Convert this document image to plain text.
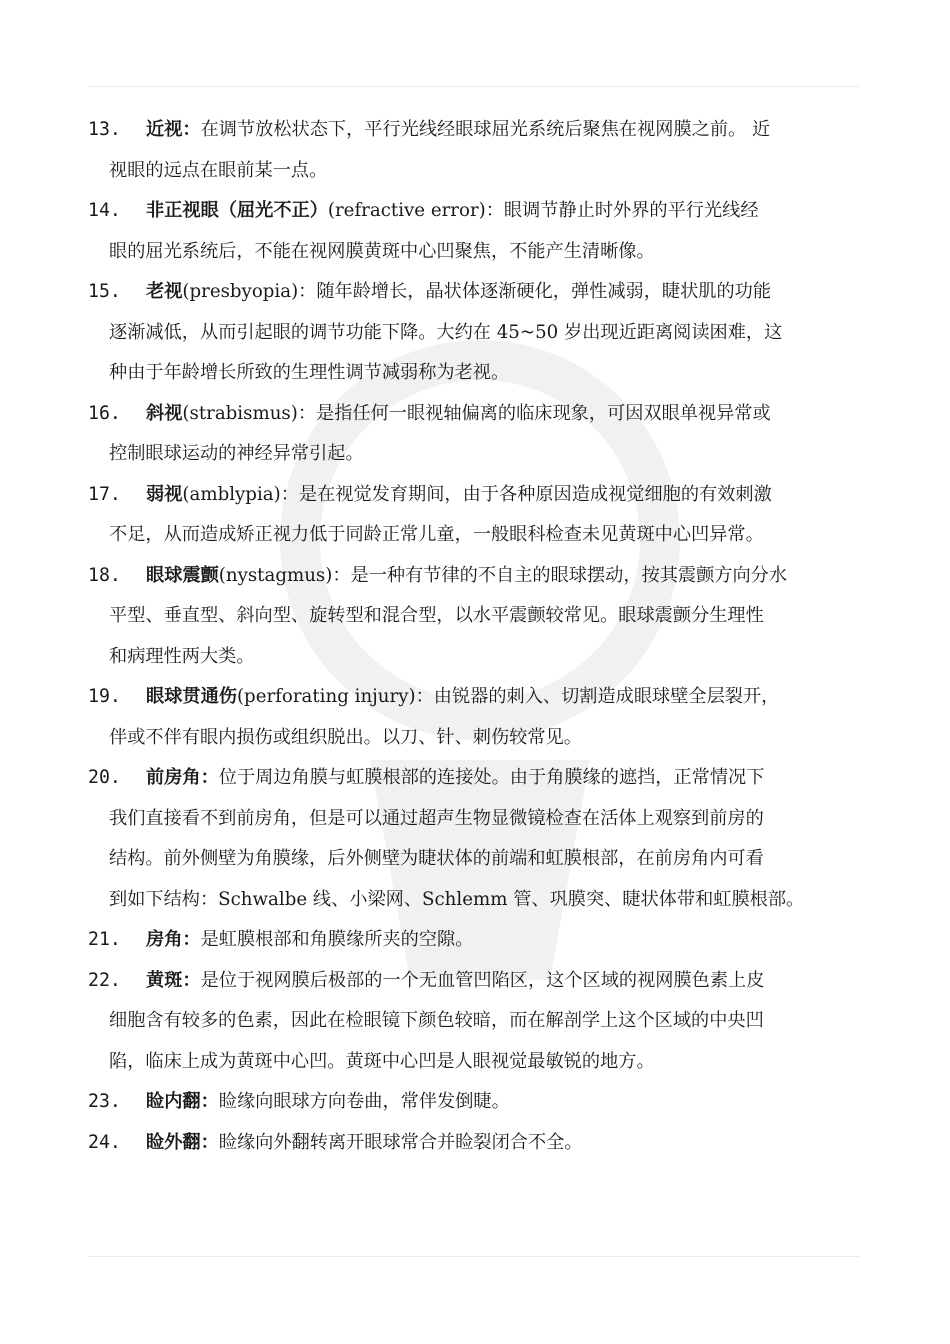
13.	近视：在调节放松状态下，平行光线经眼球屈光系统后聚焦在视网膜之前。 近
视眼的远点在眼前某一点。
14.	非正视眼（屈光不正）(refractive error)：眼调节静止时外界的平行光线经
眼的屈光系统后，不能在视网膜黄斑中心凹聚焦，不能产生清晰像。
15.	老视(presbyopia)：随年龄增长，晶状体逐渐硬化，弹性减弱，睫状肌的功能
逐渐减低，从而引起眼的调节功能下降。大约在 45~50 岁出现近距离阅读困难，这
种由于年龄增长所致的生理性调节减弱称为老视。
16.	斜视(strabismus)：是指任何一眼视轴偏离的临床现象，可因双眼单视异常或
控制眼球运动的神经异常引起。
17.	弱视(amblypia)：是在视觉发育期间，由于各种原因造成视觉细胞的有效刺激
不足，从而造成矫正视力低于同龄正常儿童，一般眼科检查未见黄斑中心凹异常。
18.	眼球震颤(nystagmus)：是一种有节律的不自主的眼球摆动，按其震颤方向分水
平型、垂直型、斜向型、旋转型和混合型，以水平震颤较常见。眼球震颤分生理性
和病理性两大类。
19.	眼球贯通伤(perforating injury)：由锐器的刺入、切割造成眼球壁全层裂开，
伴或不伴有眼内损伤或组织脱出。以刀、针、刺伤较常见。
20.	前房角：位于周边角膜与虹膜根部的连接处。由于角膜缘的遮挡，正常情况下
我们直接看不到前房角，但是可以通过超声生物显微镜检查在活体上观察到前房的
结构。前外侧壁为角膜缘，后外侧壁为睫状体的前端和虹膜根部，在前房角内可看
到如下结构：Schwalbe 线、小梁网、Schlemm 管、巩膜突、睫状体带和虹膜根部。
21.	房角：是虹膜根部和角膜缘所夹的空隙。
22.	黄斑：是位于视网膜后极部的一个无血管凹陷区，这个区域的视网膜色素上皮
细胞含有较多的色素，因此在检眼镜下颜色较暗，而在解剖学上这个区域的中央凹
陷，临床上成为黄斑中心凹。黄斑中心凹是人眼视觉最敏锐的地方。
23.	睑内翻：睑缘向眼球方向卷曲，常伴发倒睫。
24.	睑外翻：睑缘向外翻转离开眼球常合并睑裂闭合不全。
